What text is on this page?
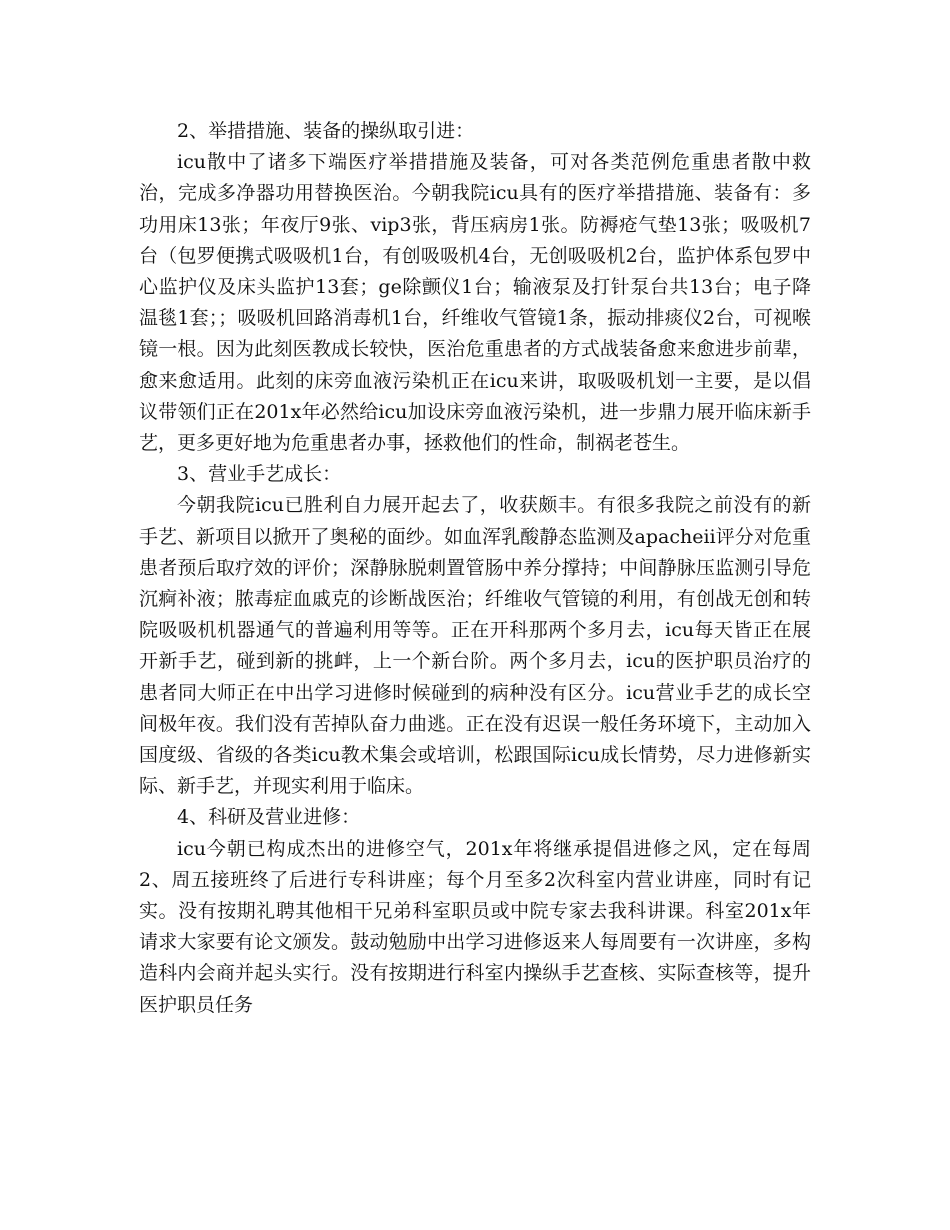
2、举措措施、装备的操纵取引进：

icu散中了诸多下端医疗举措措施及装备，可对各类范例危重患者散中救治，完成多净器功用替换医治。今朝我院icu具有的医疗举措措施、装备有：多功用床13张；年夜厅9张、vip3张，背压病房1张。防褥疮气垫13张；吸吸机7台（包罗便携式吸吸机1台，有创吸吸机4台，无创吸吸机2台，监护体系包罗中心监护仪及床头监护13套；ge除颤仪1台；输液泵及打针泵台共13台；电子降温毯1套；；吸吸机回路消毒机1台，纤维收气管镜1条，振动排痰仪2台，可视喉镜一根。因为此刻医教成长较快，医治危重患者的方式战装备愈来愈进步前辈，愈来愈适用。此刻的床旁血液污染机正在icu来讲，取吸吸机划一主要，是以倡议带领们正在201x年必然给icu加设床旁血液污染机，进一步鼎力展开临床新手艺，更多更好地为危重患者办事，拯救他们的性命，制祸老苍生。

3、营业手艺成长：

今朝我院icu已胜利自力展开起去了，收获颇丰。有很多我院之前没有的新手艺、新项目以掀开了奥秘的面纱。如血浑乳酸静态监测及apacheⅱ评分对危重患者预后取疗效的评价；深静脉脱刺置管肠中养分撑持；中间静脉压监测引导危沉痾补液；脓毒症血戚克的诊断战医治；纤维收气管镜的利用，有创战无创和转院吸吸机机器通气的普遍利用等等。正在开科那两个多月去，icu每天皆正在展开新手艺，碰到新的挑衅，上一个新台阶。两个多月去，icu的医护职员治疗的患者同大师正在中出学习进修时候碰到的病种没有区分。icu营业手艺的成长空间极年夜。我们没有苦掉队奋力曲逃。正在没有迟误一般任务环境下，主动加入国度级、省级的各类icu教术集会或培训，松跟国际icu成长情势，尽力进修新实际、新手艺，并现实利用于临床。

4、科研及营业进修：

icu今朝已构成杰出的进修空气，201x年将继承提倡进修之风，定在每周2、周五接班终了后进行专科讲座；每个月至多2次科室内营业讲座，同时有记实。没有按期礼聘其他相干兄弟科室职员或中院专家去我科讲课。科室201x年请求大家要有论文颁发。鼓动勉励中出学习进修返来人每周要有一次讲座，多构造科内会商并起头实行。没有按期进行科室内操纵手艺查核、实际查核等，提升医护职员任务
